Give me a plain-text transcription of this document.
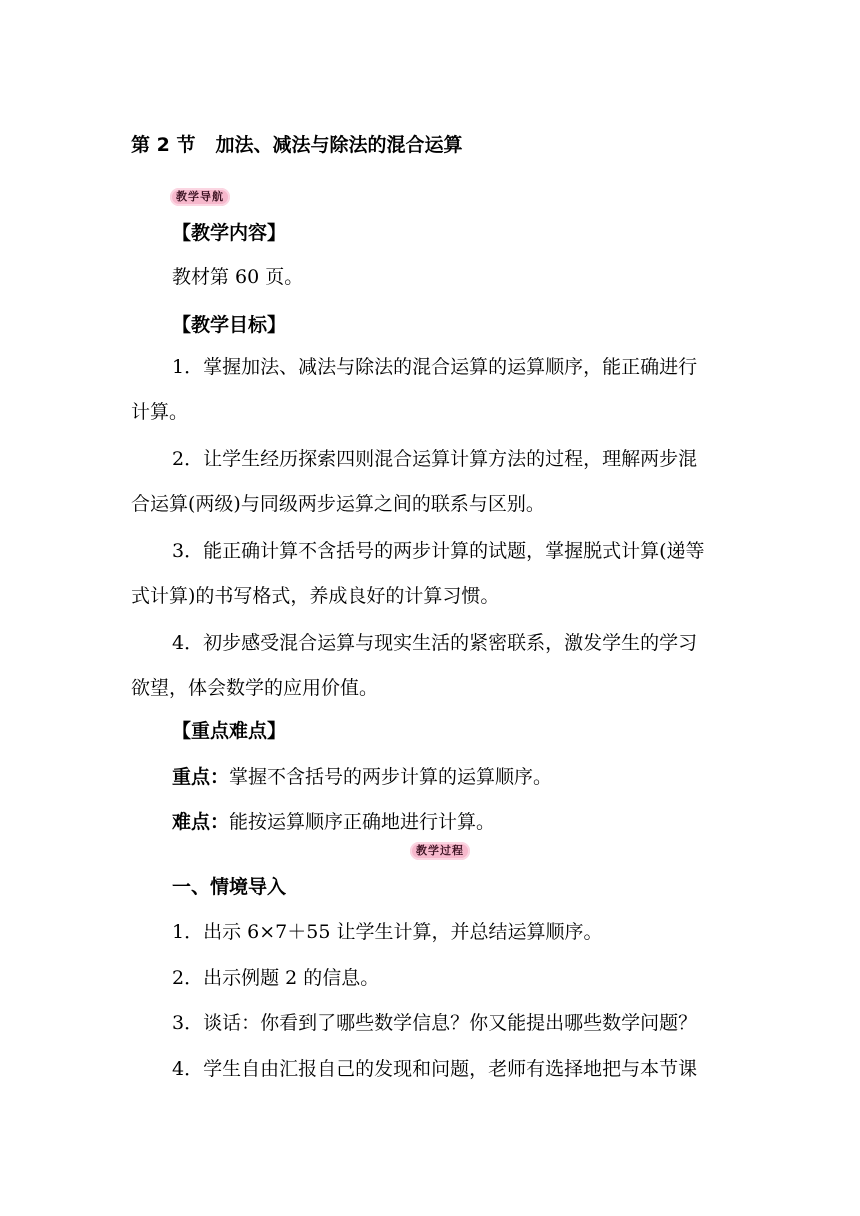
第 2 节 加法、减法与除法的混合运算
教学导航
【教学内容】
教材第 60 页。
【教学目标】
1．掌握加法、减法与除法的混合运算的运算顺序，能正确进行
计算。
2．让学生经历探索四则混合运算计算方法的过程，理解两步混
合运算(两级)与同级两步运算之间的联系与区别。
3．能正确计算不含括号的两步计算的试题，掌握脱式计算(递等
式计算)的书写格式，养成良好的计算习惯。
4．初步感受混合运算与现实生活的紧密联系，激发学生的学习
欲望，体会数学的应用价值。
【重点难点】
重点：掌握不含括号的两步计算的运算顺序。
难点：能按运算顺序正确地进行计算。
教学过程
一、情境导入
1．出示 6×7＋55 让学生计算，并总结运算顺序。
2．出示例题 2 的信息。
3．谈话：你看到了哪些数学信息？你又能提出哪些数学问题？
4．学生自由汇报自己的发现和问题，老师有选择地把与本节课
